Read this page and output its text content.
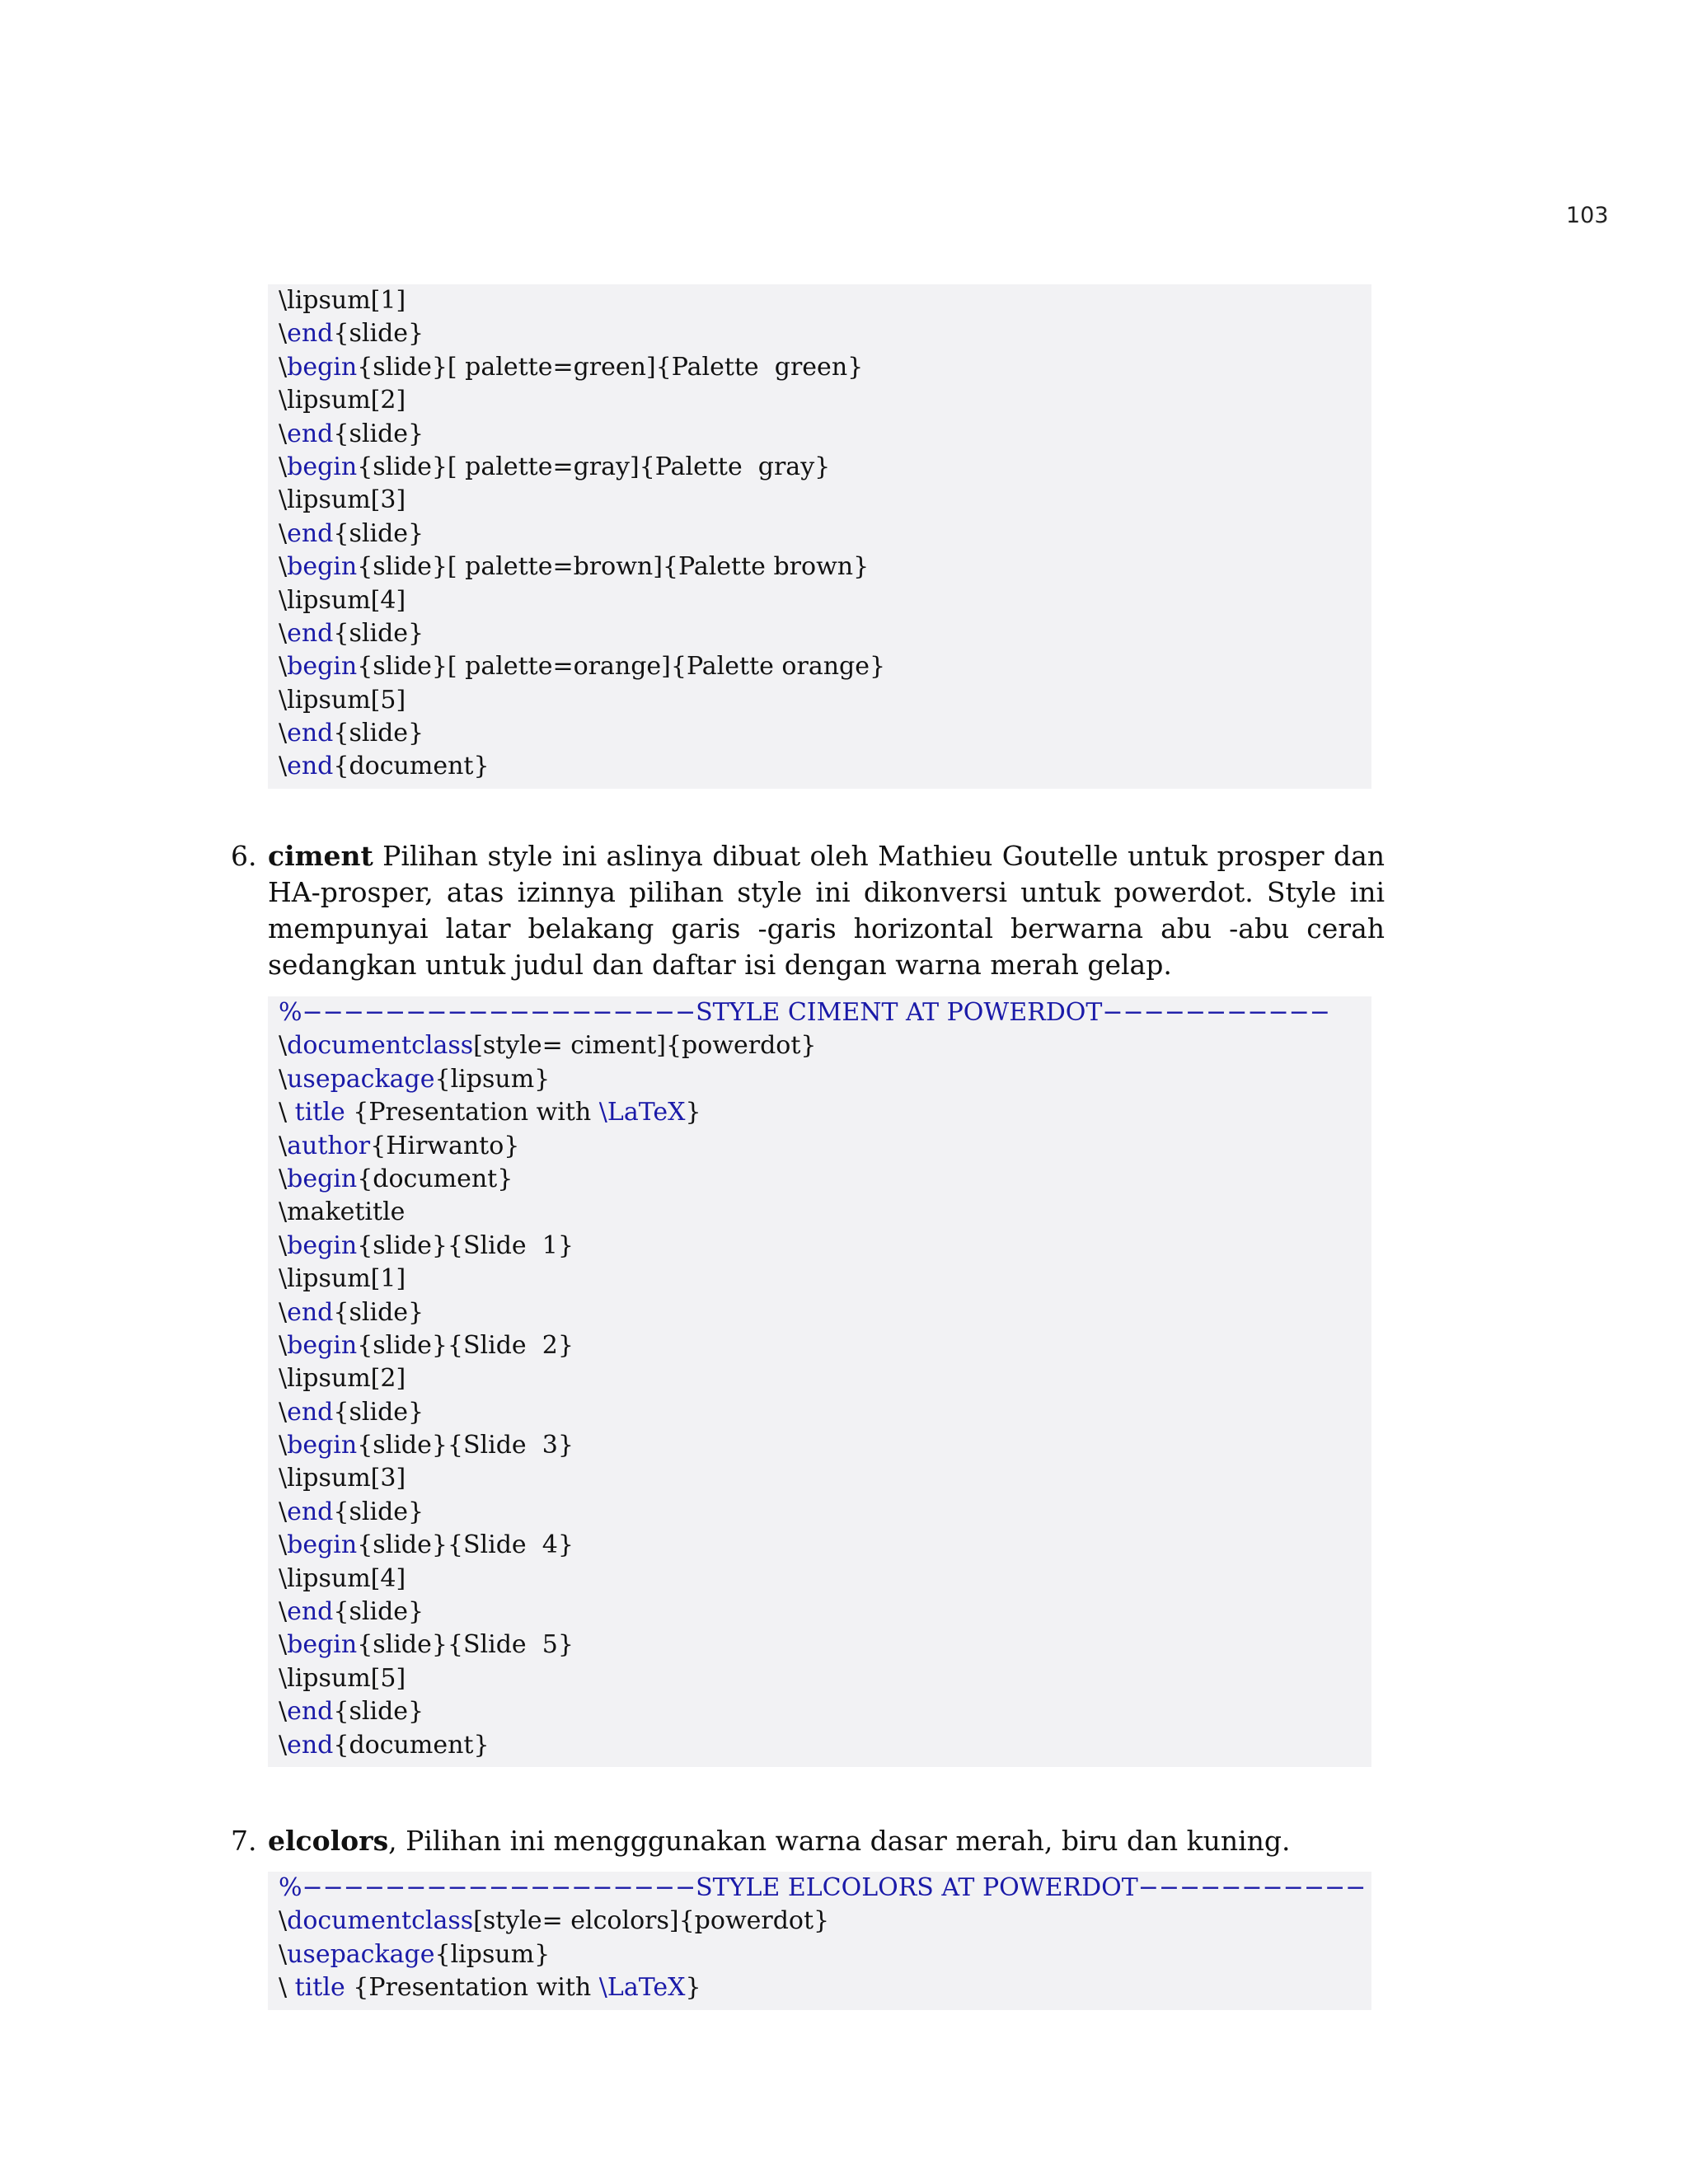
103
\lipsum[1]
\end{slide}
\begin{slide}[ palette=green]{Palette  green}
\lipsum[2]
\end{slide}
\begin{slide}[ palette=gray]{Palette  gray}
\lipsum[3]
\end{slide}
\begin{slide}[ palette=brown]{Palette brown}
\lipsum[4]
\end{slide}
\begin{slide}[ palette=orange]{Palette orange}
\lipsum[5]
\end{slide}
\end{document}
6. ciment Pilihan style ini aslinya dibuat oleh Mathieu Goutelle untuk prosper dan HA-prosper, atas izinnya pilihan style ini dikonversi untuk powerdot. Style ini mempunyai latar belakang garis -garis horizontal berwarna abu -abu cerah sedangkan untuk judul dan daftar isi dengan warna merah gelap.
%−−−−−−−−−−−−−−−−−−−STYLE CIMENT AT POWERDOT−−−−−−−−−−−
\documentclass[style= ciment]{powerdot}
\usepackage{lipsum}
\ title {Presentation with \LaTeX}
\author{Hirwanto}
\begin{document}
\maketitle
\begin{slide}{Slide  1}
\lipsum[1]
\end{slide}
\begin{slide}{Slide  2}
\lipsum[2]
\end{slide}
\begin{slide}{Slide  3}
\lipsum[3]
\end{slide}
\begin{slide}{Slide  4}
\lipsum[4]
\end{slide}
\begin{slide}{Slide  5}
\lipsum[5]
\end{slide}
\end{document}
7. elcolors, Pilihan ini mengggunakan warna dasar merah, biru dan kuning.
%−−−−−−−−−−−−−−−−−−−STYLE ELCOLORS AT POWERDOT−−−−−−−−−−−
\documentclass[style= elcolors]{powerdot}
\usepackage{lipsum}
\ title {Presentation with \LaTeX}
